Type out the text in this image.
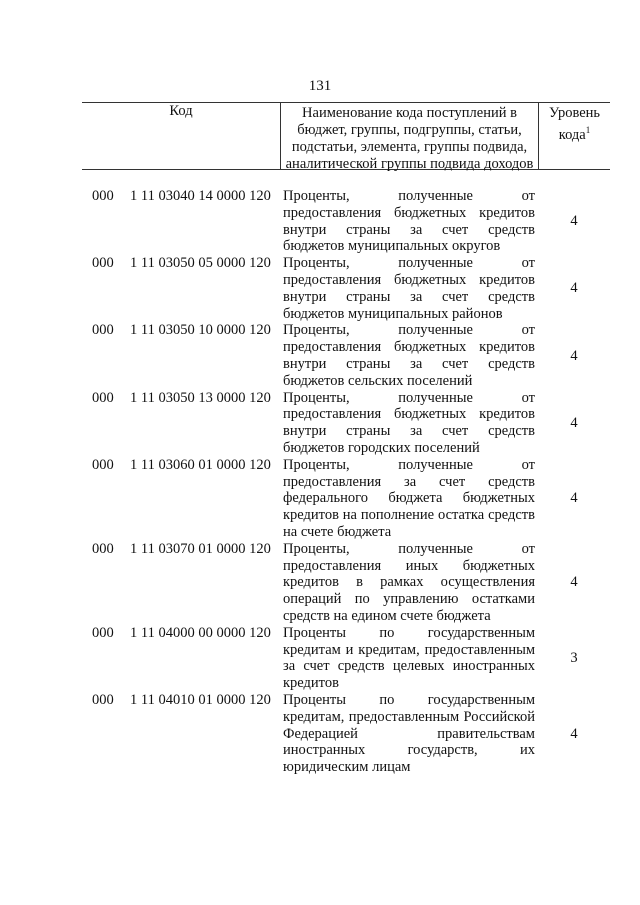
131
Код	Наименование кода поступлений в бюджет, группы, подгруппы, статьи, подстатьи, элемента, группы подвида, аналитической группы подвида доходов
Уровень кода$^1$
000 1 11 03040 14 0000 120 Проценты, полученные от предоставления бюджетных кредитов внутри страны за счет средств бюджетов муниципальных округов
4
000 1 11 03050 05 0000 120 Проценты, полученные от предоставления бюджетных кредитов внутри страны за счет средств бюджетов муниципальных районов
4
000 1 11 03050 10 0000 120 Проценты, полученные от предоставления бюджетных кредитов внутри страны за счет средств бюджетов сельских поселений
4
000 1 11 03050 13 0000 120 Проценты, полученные от предоставления бюджетных кредитов внутри страны за счет средств бюджетов городских поселений
4
000 1 11 03060 01 0000 120 Проценты, полученные от предоставления за счет средств федерального бюджета бюджетных кредитов на пополнение остатка средств на счете бюджета
4
000 1 11 03070 01 0000 120 Проценты, полученные от предоставления иных бюджетных кредитов в рамках осуществления операций по управлению остатками средств на едином счете бюджета
4
000 1 11 04000 00 0000 120 Проценты по государственным кредитам и кредитам, предоставленным за счет средств целевых иностранных кредитов
3
000 1 11 04010 01 0000 120 Проценты по государственным кредитам, предоставленным Российской Федерацией правительствам иностранных государств, их юридическим лицам
4
